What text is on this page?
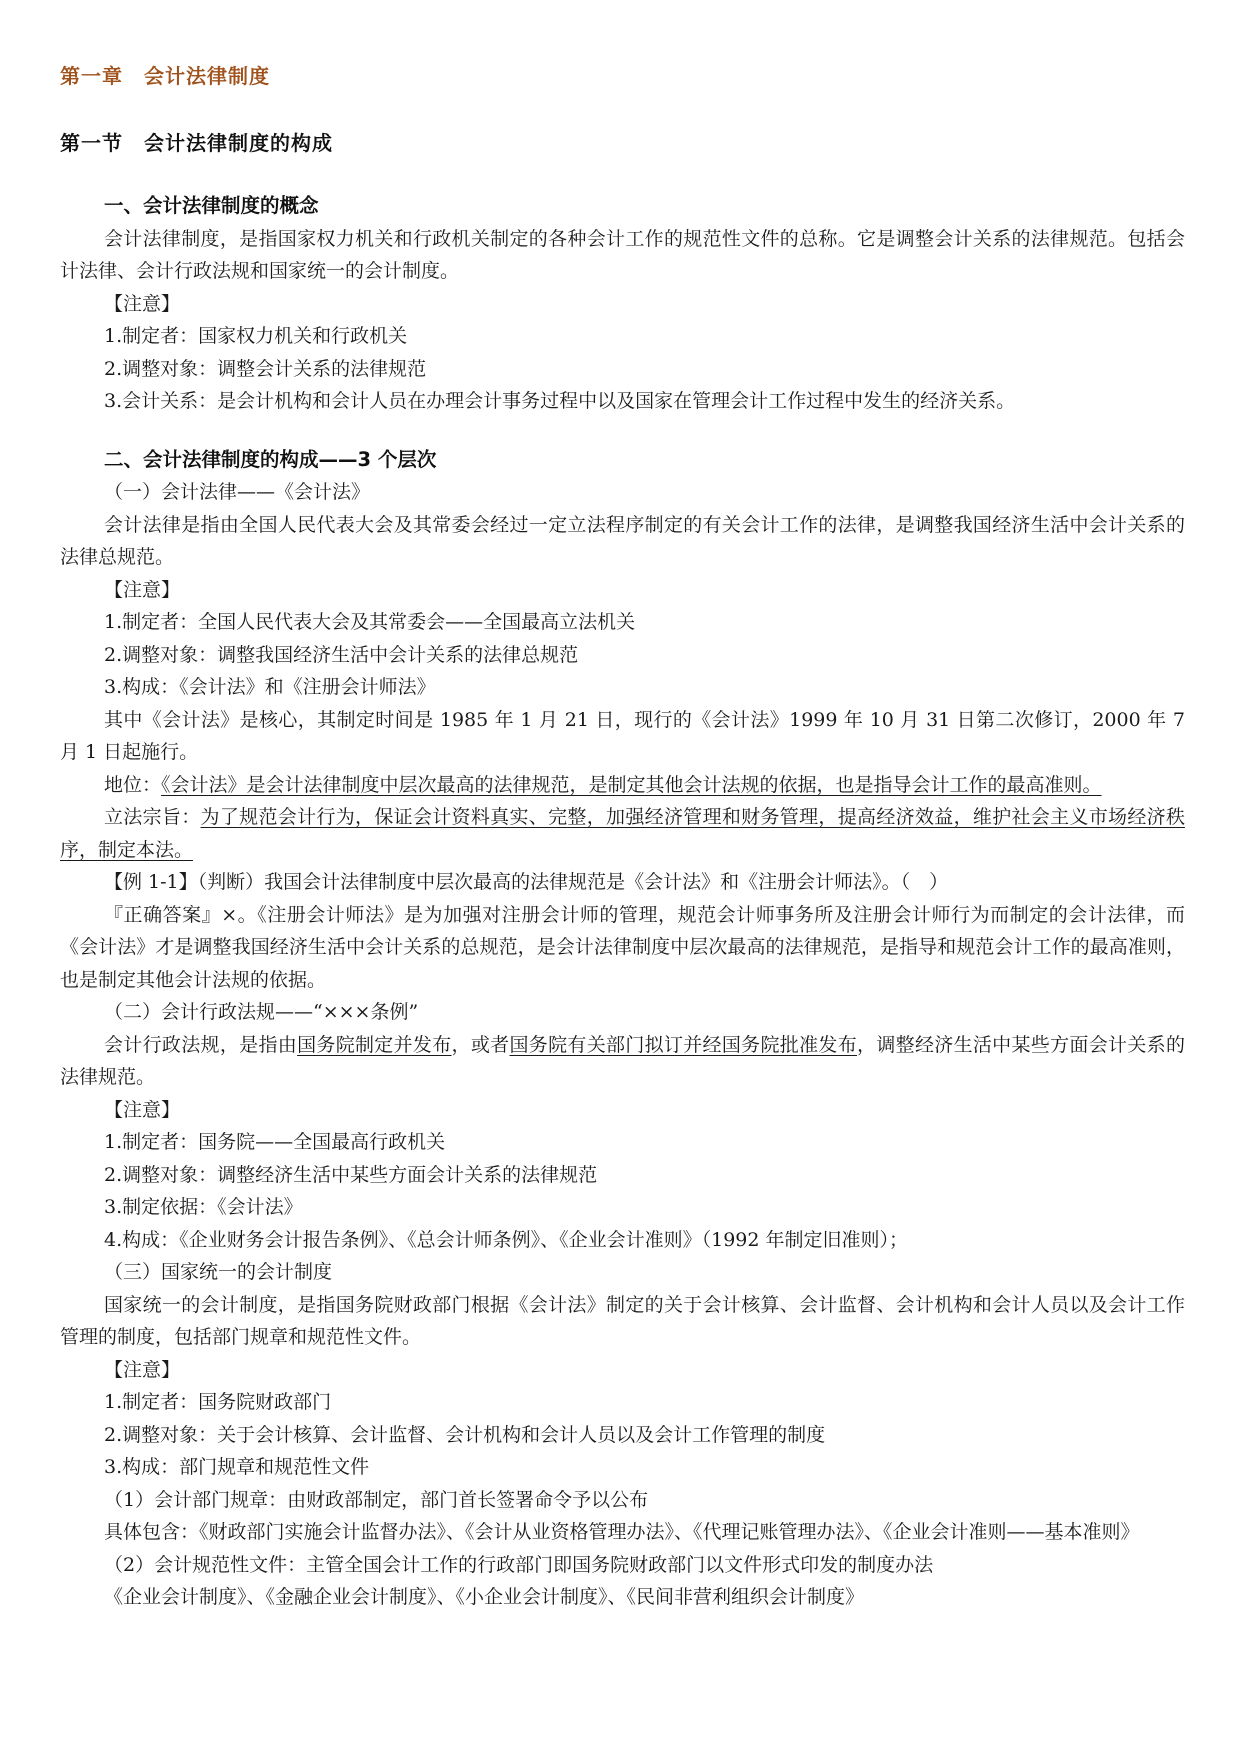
第一章　会计法律制度
第一节　会计法律制度的构成
一、会计法律制度的概念

会计法律制度，是指国家权力机关和行政机关制定的各种会计工作的规范性文件的总称。它是调整会计关系的法律规范。包括会计法律、会计行政法规和国家统一的会计制度。

【注意】

1.制定者：国家权力机关和行政机关

2.调整对象：调整会计关系的法律规范

3.会计关系：是会计机构和会计人员在办理会计事务过程中以及国家在管理会计工作过程中发生的经济关系。

二、会计法律制度的构成——3 个层次

（一）会计法律——《会计法》

会计法律是指由全国人民代表大会及其常委会经过一定立法程序制定的有关会计工作的法律，是调整我国经济生活中会计关系的法律总规范。

【注意】

1.制定者：全国人民代表大会及其常委会——全国最高立法机关

2.调整对象：调整我国经济生活中会计关系的法律总规范

3.构成：《会计法》和《注册会计师法》

其中《会计法》是核心，其制定时间是 1985 年 1 月 21 日，现行的《会计法》1999 年 10 月 31 日第二次修订，2000 年 7 月 1 日起施行。

地位：《会计法》是会计法律制度中层次最高的法律规范，是制定其他会计法规的依据，也是指导会计工作的最高准则。

立法宗旨：为了规范会计行为，保证会计资料真实、完整，加强经济管理和财务管理，提高经济效益，维护社会主义市场经济秩序，制定本法。

【例 1-1】（判断）我国会计法律制度中层次最高的法律规范是《会计法》和《注册会计师法》。（　）

『正确答案』×。《注册会计师法》是为加强对注册会计师的管理，规范会计师事务所及注册会计师行为而制定的会计法律，而《会计法》才是调整我国经济生活中会计关系的总规范，是会计法律制度中层次最高的法律规范，是指导和规范会计工作的最高准则，也是制定其他会计法规的依据。

（二）会计行政法规——“×××条例”

会计行政法规，是指由国务院制定并发布，或者国务院有关部门拟订并经国务院批准发布，调整经济生活中某些方面会计关系的法律规范。

【注意】

1.制定者：国务院——全国最高行政机关

2.调整对象：调整经济生活中某些方面会计关系的法律规范

3.制定依据：《会计法》

4.构成：《企业财务会计报告条例》、《总会计师条例》、《企业会计准则》（1992 年制定旧准则）；

（三）国家统一的会计制度

国家统一的会计制度，是指国务院财政部门根据《会计法》制定的关于会计核算、会计监督、会计机构和会计人员以及会计工作管理的制度，包括部门规章和规范性文件。

【注意】

1.制定者：国务院财政部门

2.调整对象：关于会计核算、会计监督、会计机构和会计人员以及会计工作管理的制度

3.构成：部门规章和规范性文件

（1）会计部门规章：由财政部制定，部门首长签署命令予以公布

具体包含：《财政部门实施会计监督办法》、《会计从业资格管理办法》、《代理记账管理办法》、《企业会计准则——基本准则》

（2）会计规范性文件：主管全国会计工作的行政部门即国务院财政部门以文件形式印发的制度办法

《企业会计制度》、《金融企业会计制度》、《小企业会计制度》、《民间非营利组织会计制度》
